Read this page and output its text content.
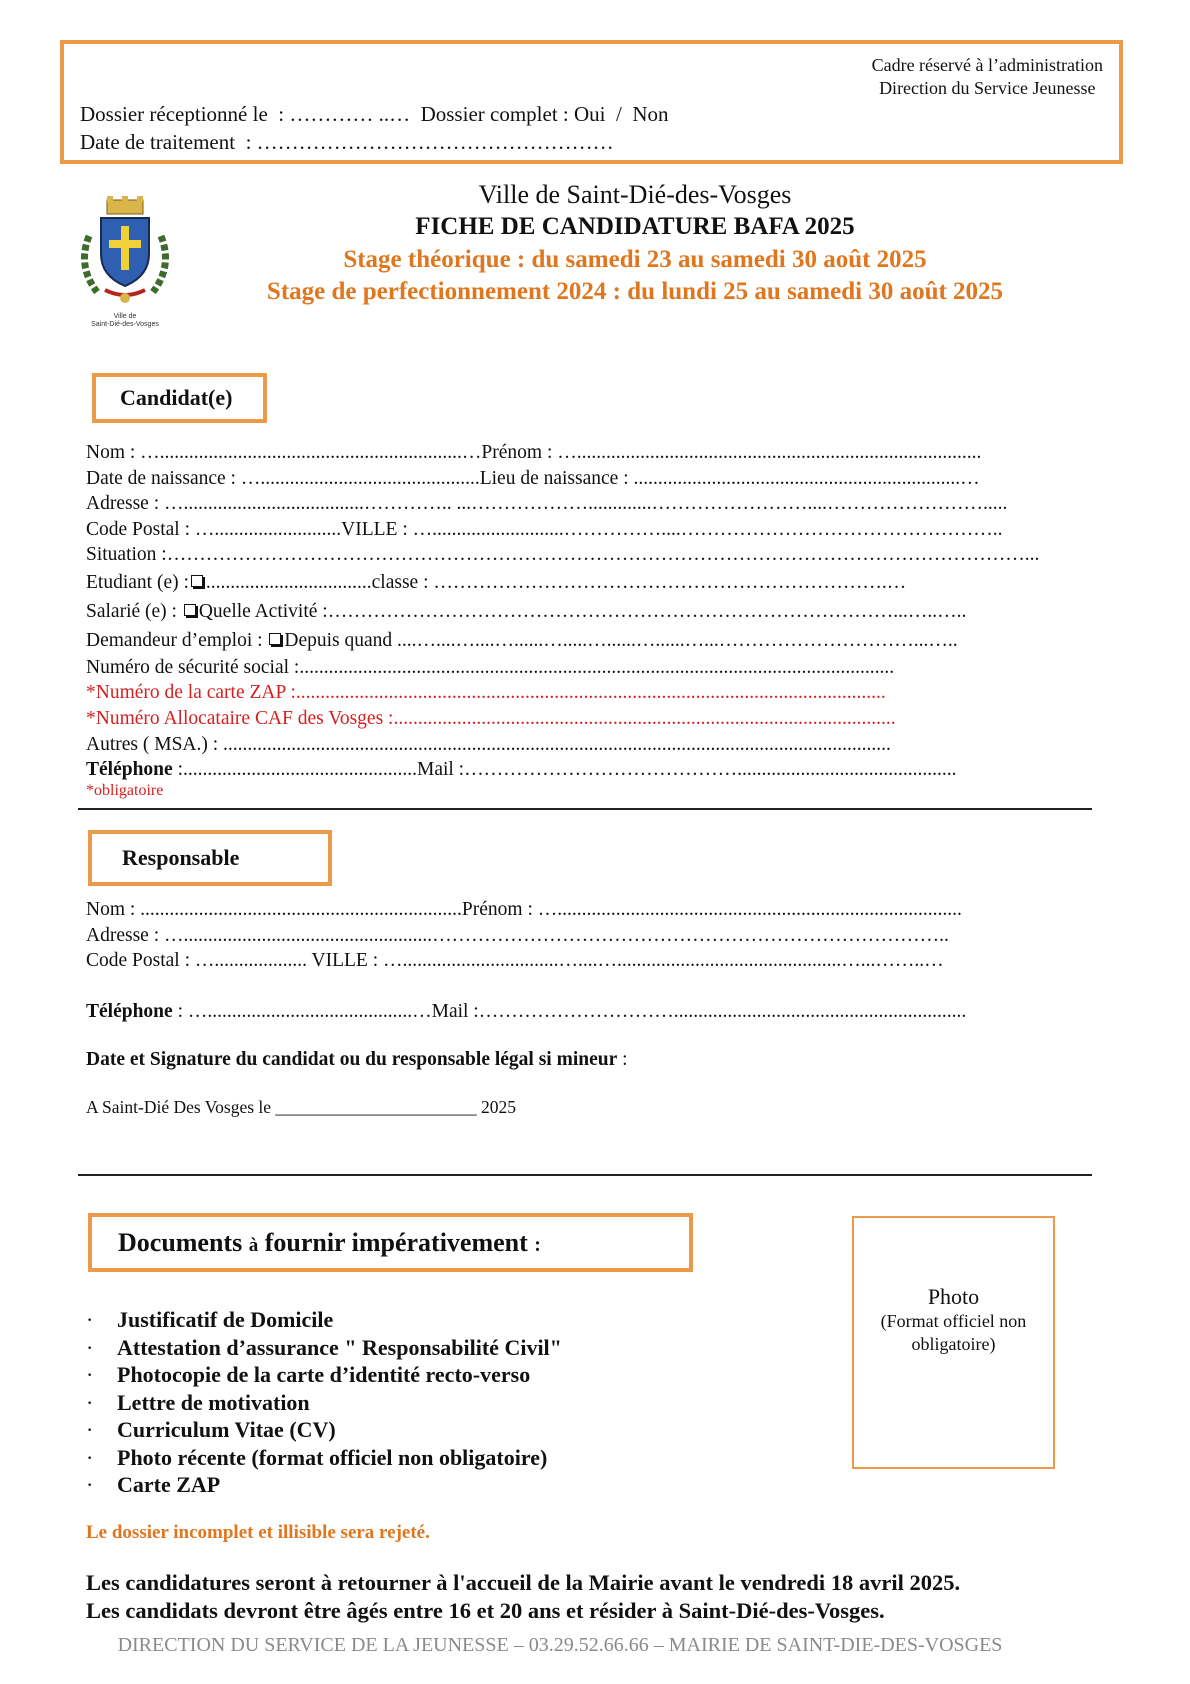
Cadre réservé à l’administration
Direction du Service Jeunesse
Dossier réceptionné le  : ………… ..…  Dossier complet : Oui  /  Non
Date de traitement  : ……………………………………………
Ville de
Saint-Dié-des-Vosges
Ville de Saint-Dié-des-Vosges
FICHE DE CANDIDATURE BAFA 2025
Stage théorique : du samedi 23 au samedi 30 août 2025
Stage de perfectionnement 2024 : du lundi 25 au samedi 30 août 2025
Candidat(e)
Nom : …..............................................................…Prénom : …...................................................................................
Date de naissance : ….............................................Lieu de naissance : ...................................................................…
Adresse : ….....................................………….. ...……………….............……………………....…………………….....
Code Postal : …..........................VILLE : …...........................……………....…………………………………………..
Situation :……………………………………………………………………………………………………………………...
Etudiant (e) : ..................................classe : …………………………………………………………….…
Salarié (e) : Quelle Activité :……………………………………………………………………………...…..…..
Demandeur d’emploi : Depuis quand ....…....…....…......….....…......…......…...…………………………...…..
Numéro de sécurité social :..........................................................................................................................
*Numéro de la carte ZAP :.........................................................................................................................
*Numéro Allocataire CAF des Vosges :.......................................................................................................
Autres ( MSA.) : .........................................................................................................................................
Téléphone :................................................Mail :…………………………………….............................................
*obligatoire
Responsable
Nom : ..................................................................Prénom : …...................................................................................
Adresse : …...................................................……………………………………………………………………..
Code Postal : …................... VILLE : …................................…....…..............................................…...……..…
Téléphone : …..........................................…Mail :…………………………............................................................
Date et Signature du candidat ou du responsable légal si mineur :
A Saint-Dié Des Vosges le _______________________ 2025
Documents à fournir impérativement :
· Justificatif de Domicile
· Attestation d’assurance " Responsabilité Civil"
· Photocopie de la carte d’identité recto-verso
· Lettre de motivation
· Curriculum Vitae (CV)
· Photo récente (format officiel non obligatoire)
· Carte ZAP
Photo
(Format officiel non
obligatoire)
Le dossier incomplet et illisible sera rejeté.
Les candidatures seront à retourner à l'accueil de la Mairie avant le vendredi 18 avril 2025.
Les candidats devront être âgés entre 16 et 20 ans et résider à Saint-Dié-des-Vosges.
DIRECTION DU SERVICE DE LA JEUNESSE – 03.29.52.66.66 – MAIRIE DE SAINT-DIE-DES-VOSGES
